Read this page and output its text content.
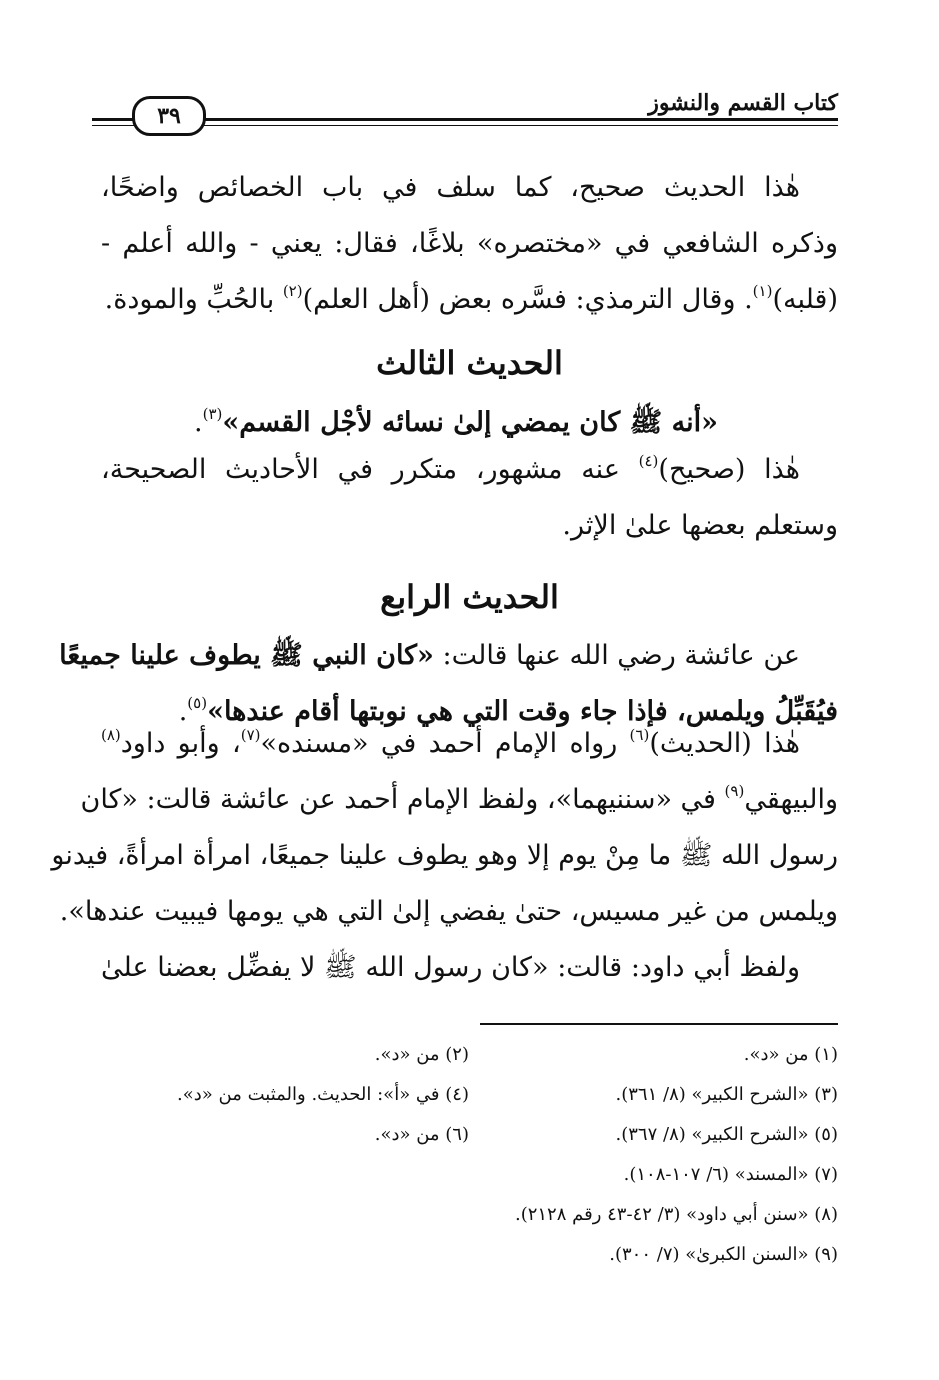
كتاب القسم والنشوز
٣٩
هٰذا الحديث صحيح، كما سلف في باب الخصائص واضحًا،
وذكره الشافعي في «مختصره» بلاغًا، فقال: يعني - والله أعلم -
(قلبه)$^{(١)}$. وقال الترمذي: فسَّره بعض (أهل العلم)$^{(٢)}$ بالحُبِّ والمودة.
الحديث الثالث
«أنه ﷺ كان يمضي إلىٰ نسائه لأجْل القسم»$^{(٣)}$.
هٰذا (صحيح)$^{(٤)}$ عنه مشهور، متكرر في الأحاديث الصحيحة،
وستعلم بعضها علىٰ الإثر.
الحديث الرابع
عن عائشة رضي الله عنها قالت: «كان النبي ﷺ يطوف علينا جميعًا
فيُقَبِّلُ ويلمس، فإذا جاء وقت التي هي نوبتها أقام عندها»$^{(٥)}$.
هٰذا (الحديث)$^{(٦)}$ رواه الإمام أحمد في «مسنده»$^{(٧)}$، وأبو داود$^{(٨)}$
والبيهقي$^{(٩)}$ في «سننيهما»، ولفظ الإمام أحمد عن عائشة قالت: «كان
رسول الله ﷺ ما مِنْ يوم إلا وهو يطوف علينا جميعًا، امرأة امرأةً، فيدنو
ويلمس من غير مسيس، حتىٰ يفضي إلىٰ التي هي يومها فيبيت عندها».
ولفظ أبي داود: قالت: «كان رسول الله ﷺ لا يفضِّل بعضنا علىٰ
(١) من «د».
(٢) من «د».
(٣) «الشرح الكبير» (٨/ ٣٦١).
(٤) في «أ»: الحديث. والمثبت من «د».
(٥) «الشرح الكبير» (٨/ ٣٦٧).
(٦) من «د».
(٧) «المسند» (٦/ ١٠٧-١٠٨).
(٨) «سنن أبي داود» (٣/ ٤٢-٤٣ رقم ٢١٢٨).
(٩) «السنن الكبرىٰ» (٧/ ٣٠٠).
